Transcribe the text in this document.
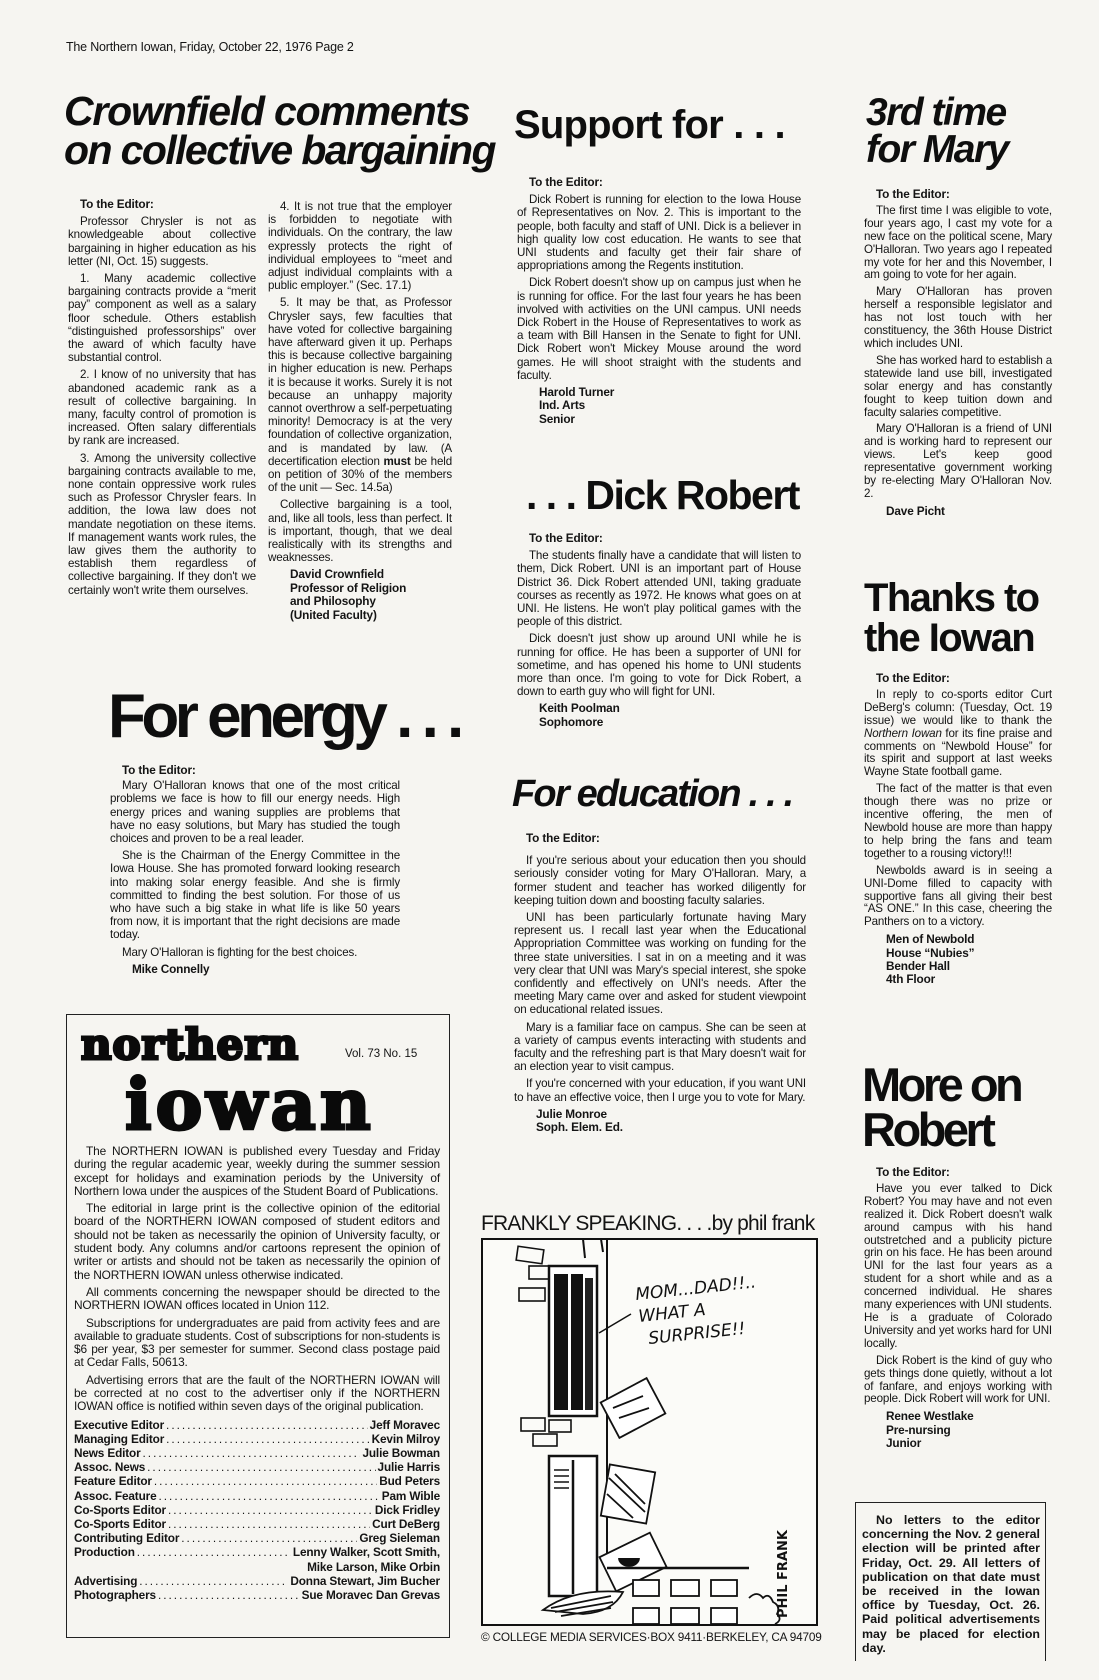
The Northern Iowan, Friday, October 22, 1976 Page 2
Crownfield comments
on collective bargaining

To the Editor:

Professor Chrysler is not as knowledgeable about collective bargaining in higher education as his letter (NI, Oct. 15) suggests.

1. Many academic collective bargaining contracts provide a “merit pay” component as well as a salary floor schedule. Others establish “distinguished professorships” over the award of which faculty have substantial control.

2. I know of no university that has abandoned academic rank as a result of collective bargaining. In many, faculty control of promotion is increased. Often salary differentials by rank are increased.

3. Among the university collective bargaining contracts available to me, none contain oppressive work rules such as Professor Chrysler fears. In addition, the Iowa law does not mandate negotiation on these items. If management wants work rules, the law gives them the authority to establish them regardless of collective bargaining. If they don't we certainly won't write them ourselves.

4. It is not true that the employer is forbidden to negotiate with individuals. On the contrary, the law expressly protects the right of individual employees to “meet and adjust individual complaints with a public employer.” (Sec. 17.1)

5. It may be that, as Professor Chrysler says, few faculties that have voted for collective bargaining have afterward given it up. Perhaps this is because collective bargaining in higher education is new. Perhaps it is because it works. Surely it is not because an unhappy majority cannot overthrow a self-perpetuating minority! Democracy is at the very foundation of collective organization, and is mandated by law. (A decertification election must be held on petition of 30% of the members of the unit — Sec. 14.5a)

Collective bargaining is a tool, and, like all tools, less than perfect. It is important, though, that we deal realistically with its strengths and weaknesses.

David Crownfield
Professor of Religion
and Philosophy
(United Faculty)
Support for . . .

To the Editor:

Dick Robert is running for election to the Iowa House of Representatives on Nov. 2. This is important to the people, both faculty and staff of UNI. Dick is a believer in high quality low cost education. He wants to see that UNI students and faculty get their fair share of appropriations among the Regents institution.

Dick Robert doesn't show up on campus just when he is running for office. For the last four years he has been involved with activities on the UNI campus. UNI needs Dick Robert in the House of Representatives to work as a team with Bill Hansen in the Senate to fight for UNI. Dick Robert won't Mickey Mouse around the word games. He will shoot straight with the students and faculty.

Harold Turner
Ind. Arts
Senior
. . . Dick Robert

To the Editor:

The students finally have a candidate that will listen to them, Dick Robert. UNI is an important part of House District 36. Dick Robert attended UNI, taking graduate courses as recently as 1972. He knows what goes on at UNI. He listens. He won't play political games with the people of this district.

Dick doesn't just show up around UNI while he is running for office. He has been a supporter of UNI for sometime, and has opened his home to UNI students more than once. I'm going to vote for Dick Robert, a down to earth guy who will fight for UNI.

Keith Poolman
Sophomore
3rd time
for Mary

To the Editor:

The first time I was eligible to vote, four years ago, I cast my vote for a new face on the political scene, Mary O'Halloran. Two years ago I repeated my vote for her and this November, I am going to vote for her again.

Mary O'Halloran has proven herself a responsible legislator and has not lost touch with her constituency, the 36th House District which includes UNI.

She has worked hard to establish a statewide land use bill, investigated solar energy and has constantly fought to keep tuition down and faculty salaries competitive.

Mary O'Halloran is a friend of UNI and is working hard to represent our views. Let's keep good representative government working by re-electing Mary O'Halloran Nov. 2.

Dave Picht
Thanks to
the Iowan

To the Editor:

In reply to co-sports editor Curt DeBerg's column: (Tuesday, Oct. 19 issue) we would like to thank the Northern Iowan for its fine praise and comments on “Newbold House” for its spirit and support at last weeks Wayne State football game.

The fact of the matter is that even though there was no prize or incentive offering, the men of Newbold house are more than happy to help bring the fans and team together to a rousing victory!!!

Newbolds award is in seeing a UNI-Dome filled to capacity with supportive fans all giving their best “AS ONE.” In this case, cheering the Panthers on to a victory.

Men of Newbold
House “Nubies”
Bender Hall
4th Floor
More on
Robert

To the Editor:

Have you ever talked to Dick Robert? You may have and not even realized it. Dick Robert doesn't walk around campus with his hand outstretched and a publicity picture grin on his face. He has been around UNI for the last four years as a student for a short while and as a concerned individual. He shares many experiences with UNI students. He is a graduate of Colorado University and yet works hard for UNI locally.

Dick Robert is the kind of guy who gets things done quietly, without a lot of fanfare, and enjoys working with people. Dick Robert will work for UNI.

Renee Westlake
Pre-nursing
Junior

No letters to the editor concerning the Nov. 2 general election will be printed after Friday, Oct. 29. All letters of publication on that date must be received in the Iowan office by Tuesday, Oct. 26. Paid political advertisements may be placed for election day.

For energy . . .

To the Editor:

Mary O'Halloran knows that one of the most critical problems we face is how to fill our energy needs. High energy prices and waning supplies are problems that have no easy solutions, but Mary has studied the tough choices and proven to be a real leader.

She is the Chairman of the Energy Committee in the Iowa House. She has promoted forward looking research into making solar energy feasible. And she is firmly committed to finding the best solution. For those of us who have such a big stake in what life is like 50 years from now, it is important that the right decisions are made today.

Mary O'Halloran is fighting for the best choices.

Mike Connelly
northern	Vol. 73 No. 15
iowan

The NORTHERN IOWAN is published every Tuesday and Friday during the regular academic year, weekly during the summer session except for holidays and examination periods by the University of Northern Iowa under the auspices of the Student Board of Publications.

The editorial in large print is the collective opinion of the editorial board of the NORTHERN IOWAN composed of student editors and should not be taken as necessarily the opinion of University faculty, or student body. Any columns and/or cartoons represent the opinion of writer or artists and should not be taken as necessarily the opinion of the NORTHERN IOWAN unless otherwise indicated.

All comments concerning the newspaper should be directed to the NORTHERN IOWAN offices located in Union 112.

Subscriptions for undergraduates are paid from activity fees and are available to graduate students. Cost of subscriptions for non-students is $6 per year, $3 per semester for summer. Second class postage paid at Cedar Falls, 50613.

Advertising errors that are the fault of the NORTHERN IOWAN will be corrected at no cost to the advertiser only if the NORTHERN IOWAN office is notified within seven days of the original publication.

Executive Editor .....	Jeff Moravec
Managing Editor .....	Kevin Milroy
News Editor .....	Julie Bowman
Assoc. News .....	Julie Harris
Feature Editor .....	Bud Peters
Assoc. Feature .....	Pam Wible
Co-Sports Editor .....	Dick Fridley
Co-Sports Editor .....	Curt DeBerg
Contributing Editor .....	Greg Sieleman
Production .....	Lenny Walker, Scott Smith,
Mike Larson, Mike Orbin
Advertising .....	Donna Stewart, Jim Bucher
Photographers .....	Sue Moravec Dan Grevas
For education . . .

To the Editor:

If you're serious about your education then you should seriously consider voting for Mary O'Halloran. Mary, a former student and teacher has worked diligently for keeping tuition down and boosting faculty salaries.

UNI has been particularly fortunate having Mary represent us. I recall last year when the Educational Appropriation Committee was working on funding for the three state universities. I sat in on a meeting and it was very clear that UNI was Mary's special interest, she spoke confidently and effectively on UNI's needs. After the meeting Mary came over and asked for student viewpoint on educational related issues.

Mary is a familiar face on campus. She can be seen at a variety of campus events interacting with students and faculty and the refreshing part is that Mary doesn't wait for an election year to visit campus.

If you're concerned with your education, if you want UNI to have an effective voice, then I urge you to vote for Mary.

Julie Monroe
Soph. Elem. Ed.
FRANKLY SPEAKING. . . .by phil frank
MOM...DAD!!..
WHAT A
SURPRISE!!
PHIL FRANK
© COLLEGE MEDIA SERVICES·BOX 9411·BERKELEY, CA 94709
